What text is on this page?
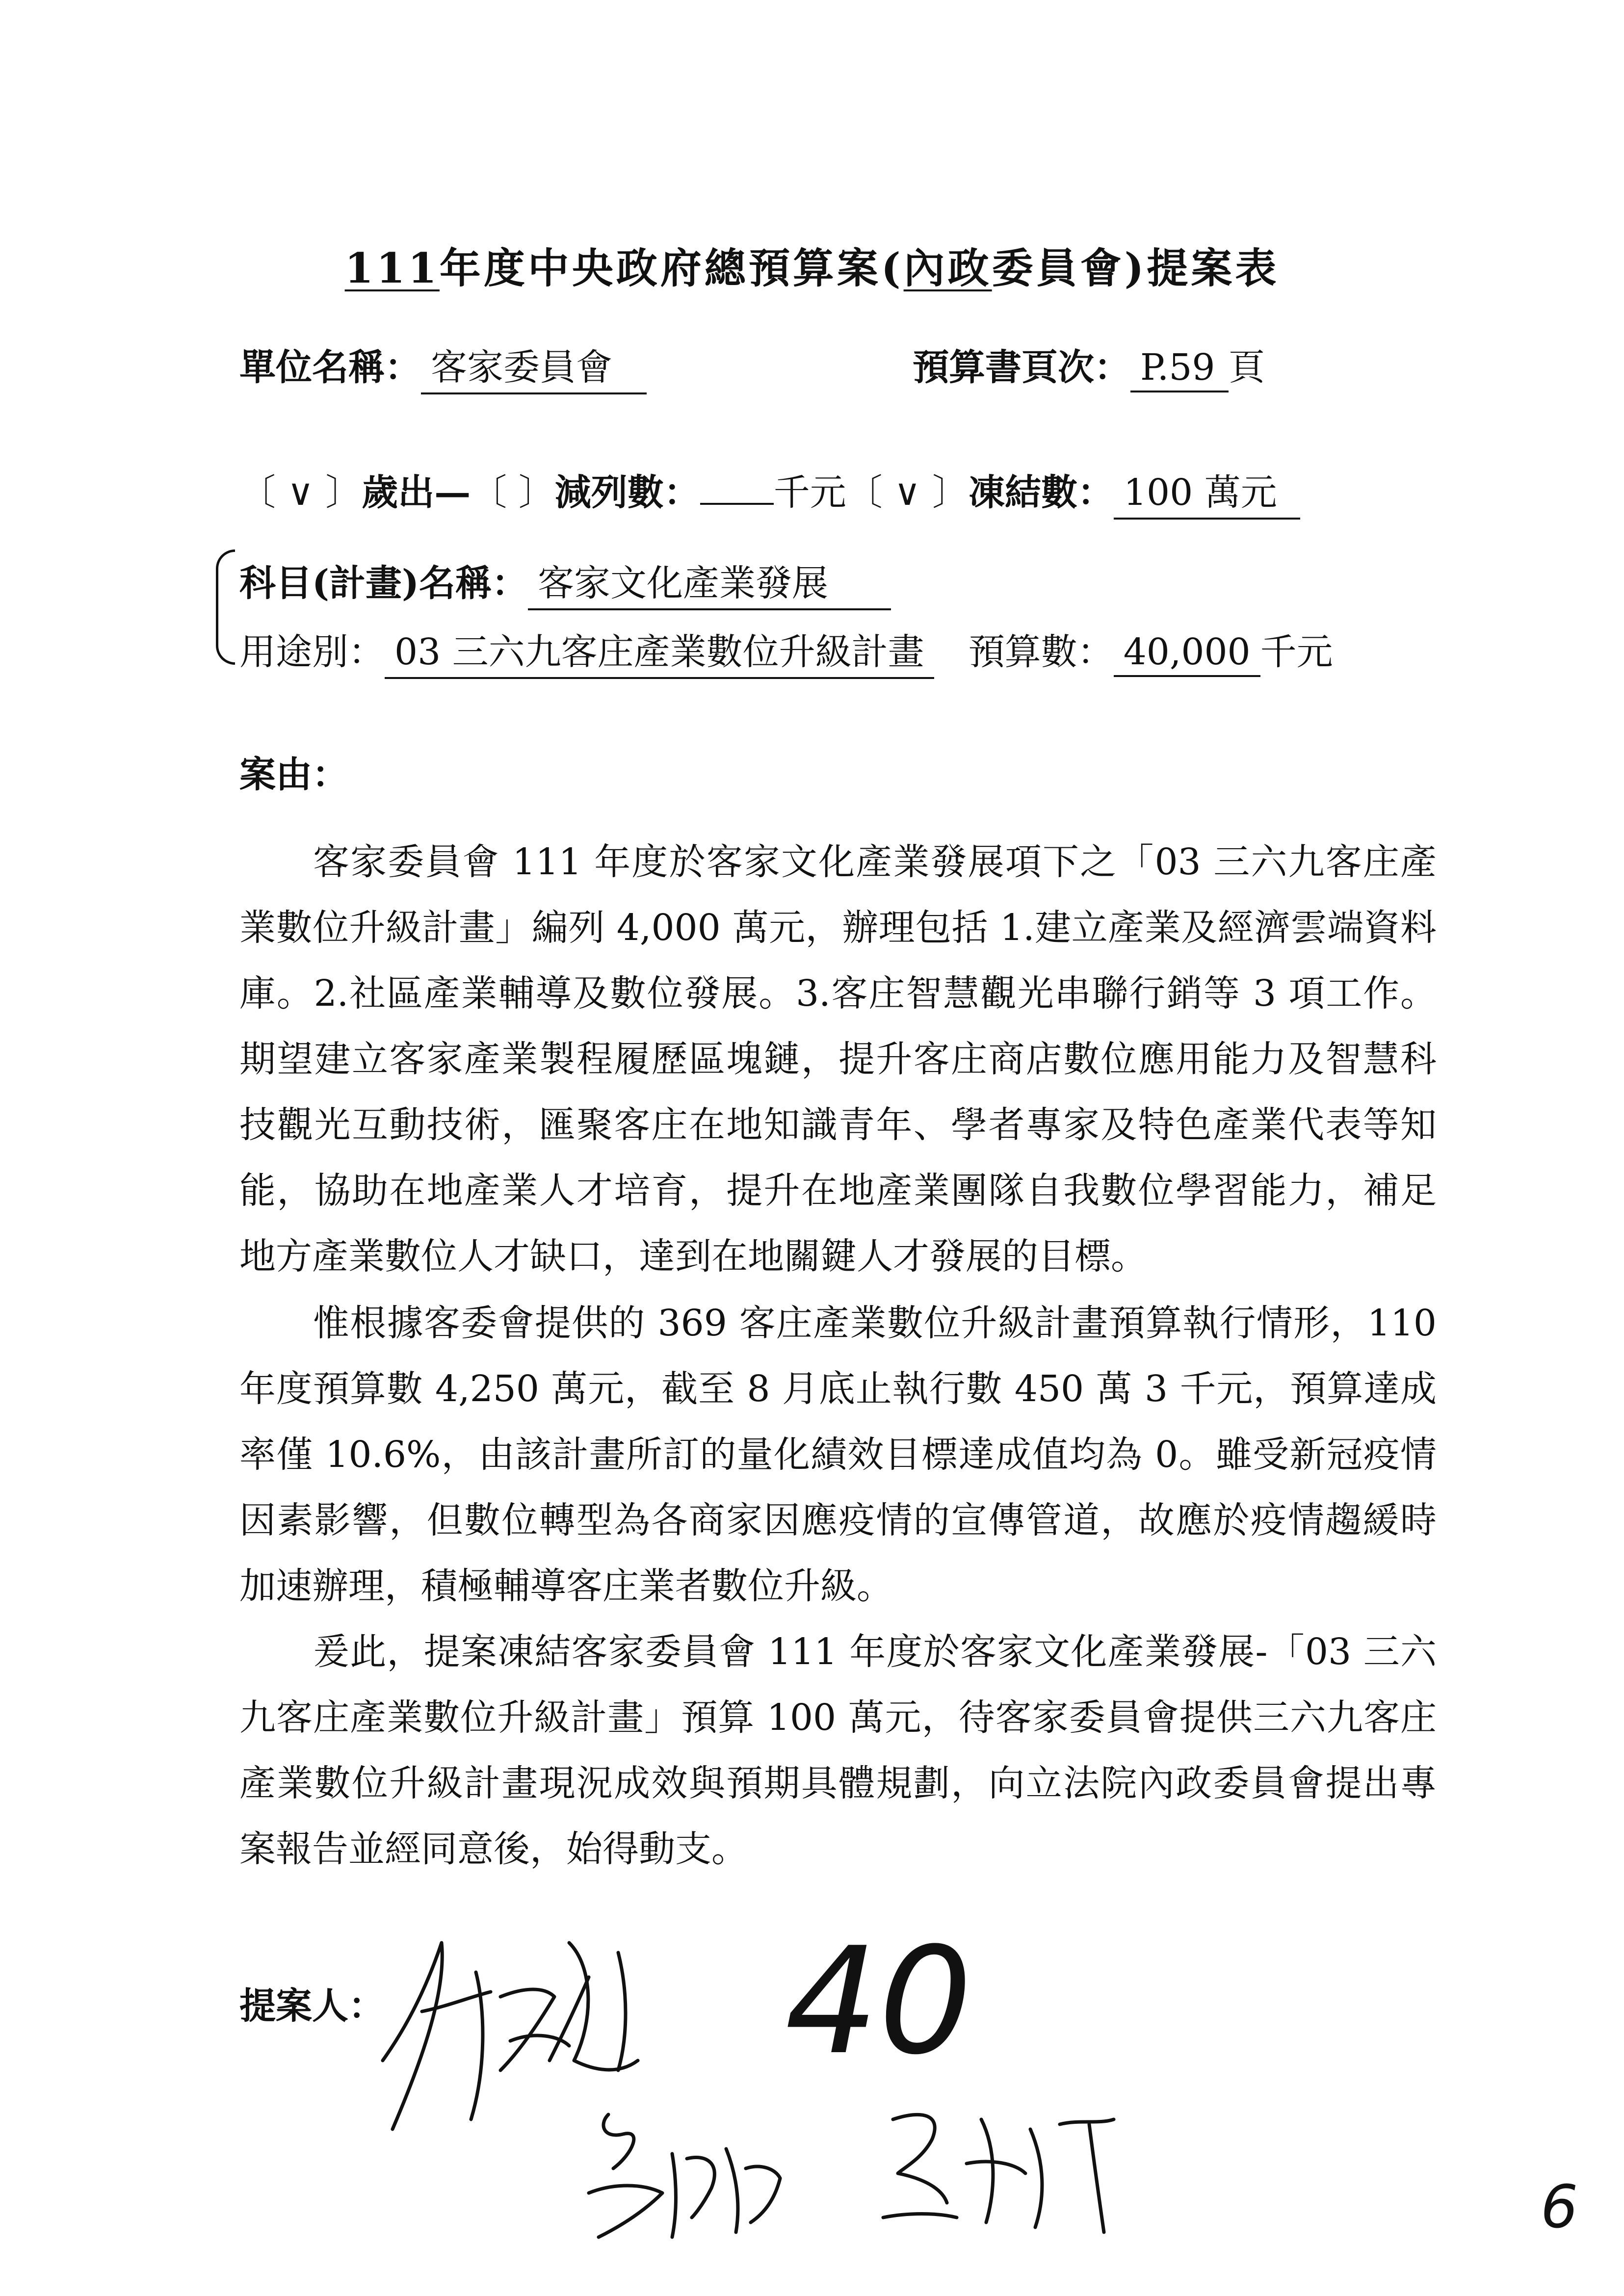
111年度中央政府總預算案(內政委員會)提案表
單位名稱： 客家委員會	預算書頁次： P.59 頁
〔 ∨ 〕歲出—〔 〕減列數： 千元〔 ∨ 〕凍結數： 100 萬元
科目(計畫)名稱： 客家文化產業發展
用途別： 03 三六九客庄產業數位升級計畫 預算數： 40,000 千元
案由：
客家委員會 111 年度於客家文化產業發展項下之「03 三六九客庄產業數位升級計畫」編列 4,000 萬元，辦理包括 1.建立產業及經濟雲端資料庫。2.社區產業輔導及數位發展。3.客庄智慧觀光串聯行銷等 3 項工作。期望建立客家產業製程履歷區塊鏈，提升客庄商店數位應用能力及智慧科技觀光互動技術，匯聚客庄在地知識青年、學者專家及特色產業代表等知能，協助在地產業人才培育，提升在地產業團隊自我數位學習能力，補足地方產業數位人才缺口，達到在地關鍵人才發展的目標。
惟根據客委會提供的 369 客庄產業數位升級計畫預算執行情形，110 年度預算數 4,250 萬元，截至 8 月底止執行數 450 萬 3 千元，預算達成率僅 10.6%，由該計畫所訂的量化績效目標達成值均為 0。雖受新冠疫情因素影響，但數位轉型為各商家因應疫情的宣傳管道，故應於疫情趨緩時加速辦理，積極輔導客庄業者數位升級。
爰此，提案凍結客家委員會 111 年度於客家文化產業發展-「03 三六九客庄產業數位升級計畫」預算 100 萬元，待客家委員會提供三六九客庄產業數位升級計畫現況成效與預期具體規劃，向立法院內政委員會提出專案報告並經同意後，始得動支。
提案人：	40
6
